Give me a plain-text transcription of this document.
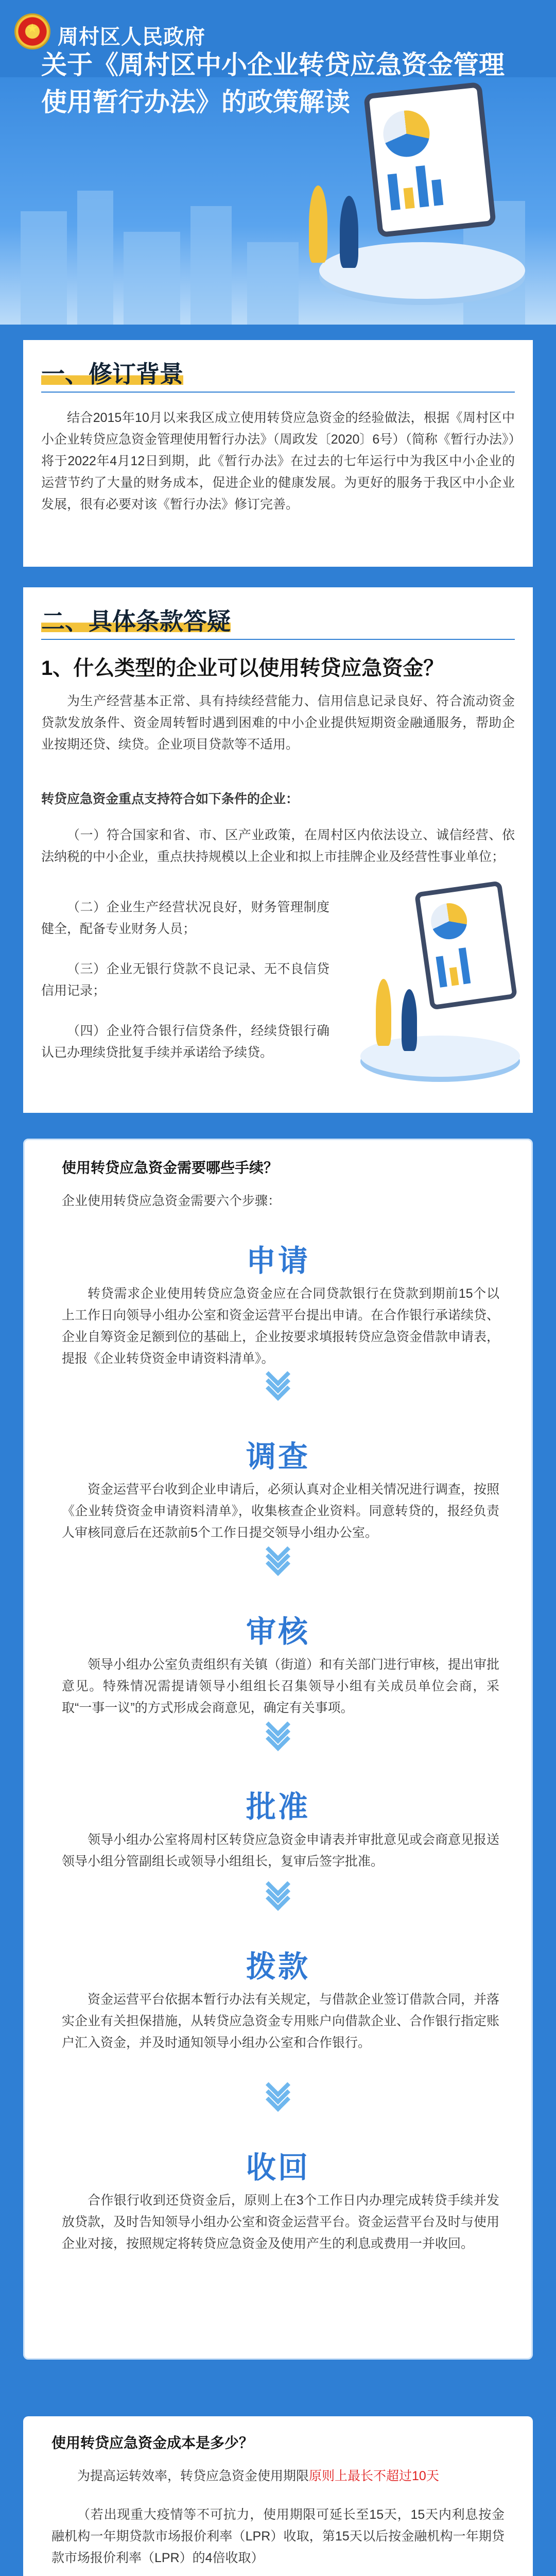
★ 周村区人民政府
关于《周村区中小企业转贷应急资金管理使用暂行办法》的政策解读
一、修订背景
结合2015年10月以来我区成立使用转贷应急资金的经验做法，根据《周村区中小企业转贷应急资金管理使用暂行办法》（周政发〔2020〕6号）（简称《暂行办法》）将于2022年4月12日到期，此《暂行办法》在过去的七年运行中为我区中小企业的运营节约了大量的财务成本，促进企业的健康发展。为更好的服务于我区中小企业发展，很有必要对该《暂行办法》修订完善。
二、具体条款答疑
1、什么类型的企业可以使用转贷应急资金？
为生产经营基本正常、具有持续经营能力、信用信息记录良好、符合流动资金贷款发放条件、资金周转暂时遇到困难的中小企业提供短期资金融通服务，帮助企业按期还贷、续贷。企业项目贷款等不适用。
转贷应急资金重点支持符合如下条件的企业：
（一）符合国家和省、市、区产业政策，在周村区内依法设立、诚信经营、依法纳税的中小企业，重点扶持规模以上企业和拟上市挂牌企业及经营性事业单位；
（二）企业生产经营状况良好，财务管理制度健全，配备专业财务人员；
（三）企业无银行贷款不良记录、无不良信贷信用记录；
（四）企业符合银行信贷条件，经续贷银行确认已办理续贷批复手续并承诺给予续贷。
使用转贷应急资金需要哪些手续？
企业使用转贷应急资金需要六个步骤：
申请
转贷需求企业使用转贷应急资金应在合同贷款银行在贷款到期前15个以上工作日向领导小组办公室和资金运营平台提出申请。在合作银行承诺续贷、企业自筹资金足额到位的基础上，企业按要求填报转贷应急资金借款申请表，提报《企业转贷资金申请资料清单》。
调查
资金运营平台收到企业申请后，必须认真对企业相关情况进行调查，按照《企业转贷资金申请资料清单》，收集核查企业资料。同意转贷的，报经负责人审核同意后在还款前5个工作日提交领导小组办公室。
审核
领导小组办公室负责组织有关镇（街道）和有关部门进行审核，提出审批意见。特殊情况需提请领导小组组长召集领导小组有关成员单位会商，采取“一事一议”的方式形成会商意见，确定有关事项。
批准
领导小组办公室将周村区转贷应急资金申请表并审批意见或会商意见报送领导小组分管副组长或领导小组组长，复审后签字批准。
拨款
资金运营平台依据本暂行办法有关规定，与借款企业签订借款合同，并落实企业有关担保措施，从转贷应急资金专用账户向借款企业、合作银行指定账户汇入资金，并及时通知领导小组办公室和合作银行。
收回
合作银行收到还贷资金后，原则上在3个工作日内办理完成转贷手续并发放贷款，及时告知领导小组办公室和资金运营平台。资金运营平台及时与使用企业对接，按照规定将转贷应急资金及使用产生的利息或费用一并收回。
使用转贷应急资金成本是多少？
为提高运转效率，转贷应急资金使用期限原则上最长不超过10天
（若出现重大疫情等不可抗力，使用期限可延长至15天，15天内利息按金融机构一年期贷款市场报价利率（LPR）收取，第15天以后按金融机构一年期贷款市场报价利率（LPR）的4倍收取）
